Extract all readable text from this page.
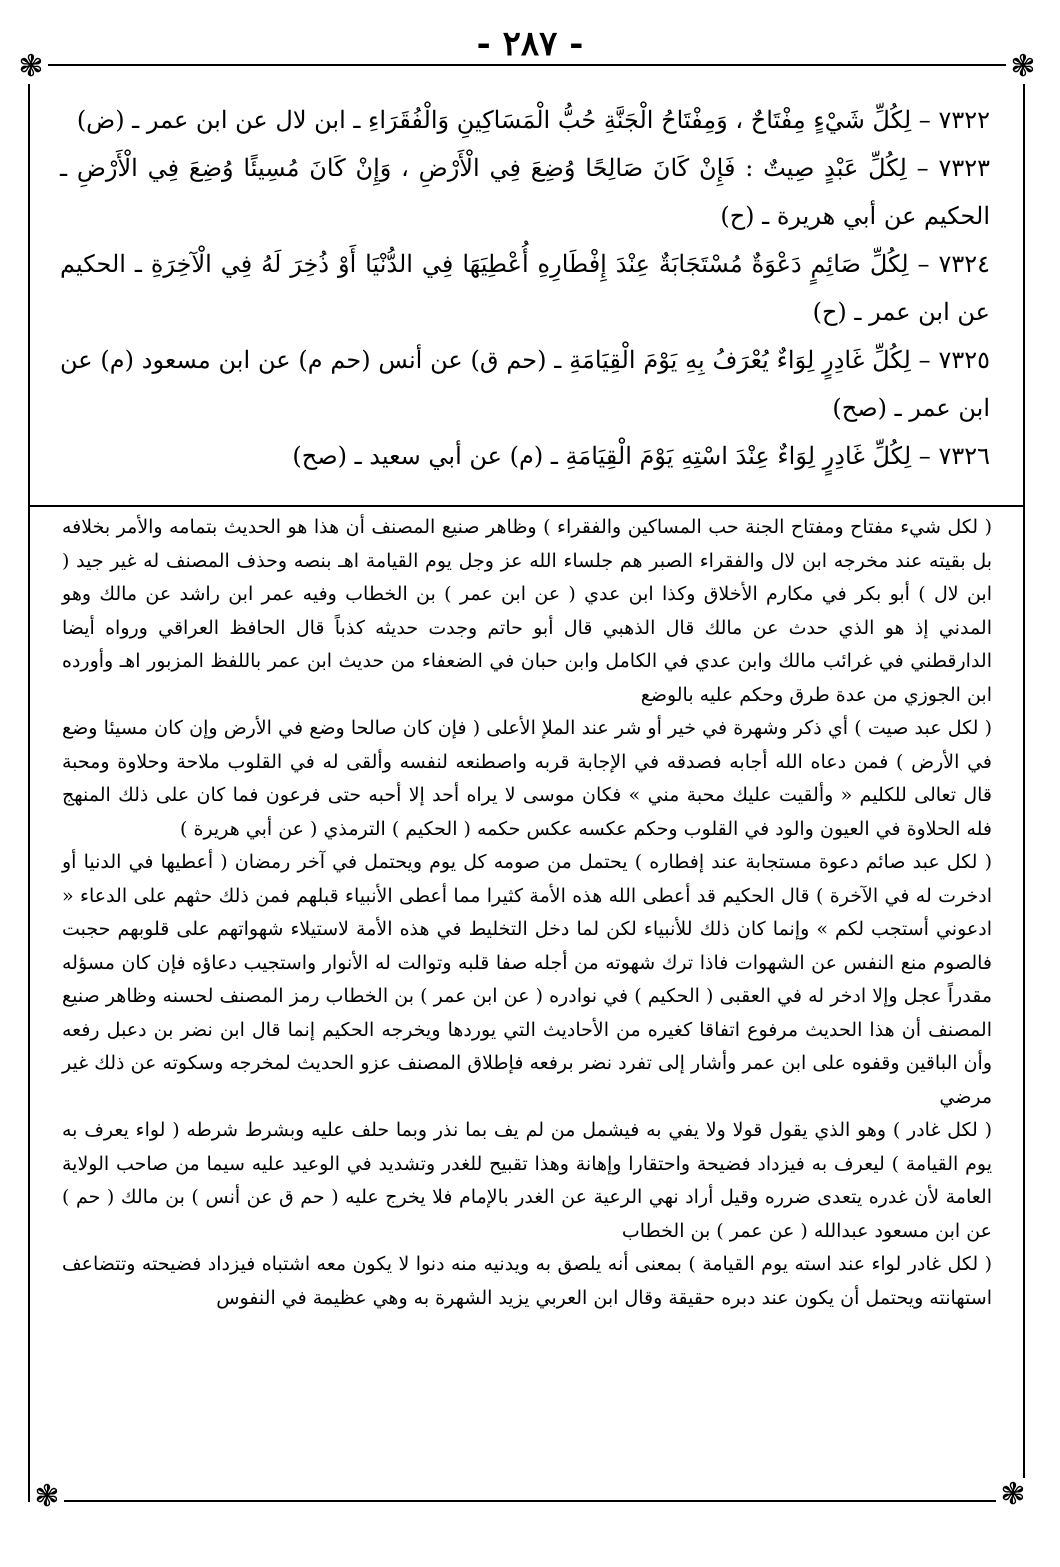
- ٢٨٧ -
❃	❃
❃	❃

٧٣٢٢ – لِكُلِّ شَيْءٍ مِفْتَاحٌ ، وَمِفْتَاحُ الْجَنَّةِ حُبُّ الْمَسَاكِينِ وَالْفُقَرَاءِ ـ ابن لال عن ابن عمر ـ (ض)

٧٣٢٣ – لِكُلِّ عَبْدٍ صِيتٌ : فَإِنْ كَانَ صَالِحًا وُضِعَ فِي الْأَرْضِ ، وَإِنْ كَانَ مُسِيئًا وُضِعَ فِي الْأَرْضِ ـ الحكيم عن أبي هريرة ـ (ح)

٧٣٢٤ – لِكُلِّ صَائِمٍ دَعْوَةٌ مُسْتَجَابَةٌ عِنْدَ إِفْطَارِهِ أُعْطِيَهَا فِي الدُّنْيَا أَوْ ذُخِرَ لَهُ فِي الْآخِرَةِ ـ الحكيم عن ابن عمر ـ (ح)

٧٣٢٥ – لِكُلِّ غَادِرٍ لِوَاءٌ يُعْرَفُ بِهِ يَوْمَ الْقِيَامَةِ ـ (حم ق) عن أنس (حم م) عن ابن مسعود (م) عن ابن عمر ـ (صح)

٧٣٢٦ – لِكُلِّ غَادِرٍ لِوَاءٌ عِنْدَ اسْتِهِ يَوْمَ الْقِيَامَةِ ـ (م) عن أبي سعيد ـ (صح)

( لكل شيء مفتاح ومفتاح الجنة حب المساكين والفقراء ) وظاهر صنيع المصنف أن هذا هو الحديث بتمامه والأمر بخلافه بل بقيته عند مخرجه ابن لال والفقراء الصبر هم جلساء الله عز وجل يوم القيامة اهـ بنصه وحذف المصنف له غير جيد ( ابن لال ) أبو بكر في مكارم الأخلاق وكذا ابن عدي ( عن ابن عمر ) بن الخطاب وفيه عمر ابن راشد عن مالك وهو المدني إذ هو الذي حدث عن مالك قال الذهبي قال أبو حاتم وجدت حديثه كذباً قال الحافظ العراقي ورواه أيضا الدارقطني في غرائب مالك وابن عدي في الكامل وابن حبان في الضعفاء من حديث ابن عمر باللفظ المزبور اهـ وأورده ابن الجوزي من عدة طرق وحكم عليه بالوضع

( لكل عبد صيت ) أي ذكر وشهرة في خير أو شر عند الملإ الأعلى ( فإن كان صالحا وضع في الأرض وإن كان مسيئا وضع في الأرض ) فمن دعاه الله أجابه فصدقه في الإجابة قربه واصطنعه لنفسه وألقى له في القلوب ملاحة وحلاوة ومحبة قال تعالى للكليم « وألقيت عليك محبة مني » فكان موسى لا يراه أحد إلا أحبه حتى فرعون فما كان على ذلك المنهج فله الحلاوة في العيون والود في القلوب وحكم عكسه عكس حكمه ( الحكيم ) الترمذي ( عن أبي هريرة )

( لكل عبد صائم دعوة مستجابة عند إفطاره ) يحتمل من صومه كل يوم ويحتمل في آخر رمضان ( أعطيها في الدنيا أو ادخرت له في الآخرة ) قال الحكيم قد أعطى الله هذه الأمة كثيرا مما أعطى الأنبياء قبلهم فمن ذلك حثهم على الدعاء « ادعوني أستجب لكم » وإنما كان ذلك للأنبياء لكن لما دخل التخليط في هذه الأمة لاستيلاء شهواتهم على قلوبهم حجبت فالصوم منع النفس عن الشهوات فاذا ترك شهوته من أجله صفا قلبه وتوالت له الأنوار واستجيب دعاؤه فإن كان مسؤله مقدراً عجل وإلا ادخر له في العقبى ( الحكيم ) في نوادره ( عن ابن عمر ) بن الخطاب رمز المصنف لحسنه وظاهر صنيع المصنف أن هذا الحديث مرفوع اتفاقا كغيره من الأحاديث التي يوردها ويخرجه الحكيم إنما قال ابن نضر بن دعبل رفعه وأن الباقين وقفوه على ابن عمر وأشار إلى تفرد نضر برفعه فإطلاق المصنف عزو الحديث لمخرجه وسكوته عن ذلك غير مرضي

( لكل غادر ) وهو الذي يقول قولا ولا يفي به فيشمل من لم يف بما نذر وبما حلف عليه وبشرط شرطه ( لواء يعرف به يوم القيامة ) ليعرف به فيزداد فضيحة واحتقارا وإهانة وهذا تقبيح للغدر وتشديد في الوعيد عليه سيما من صاحب الولاية العامة لأن غدره يتعدى ضرره وقيل أراد نهي الرعية عن الغدر بالإمام فلا يخرج عليه ( حم ق عن أنس ) بن مالك ( حم ) عن ابن مسعود عبدالله ( عن عمر ) بن الخطاب

( لكل غادر لواء عند استه يوم القيامة ) بمعنى أنه يلصق به ويدنيه منه دنوا لا يكون معه اشتباه فيزداد فضيحته وتتضاعف استهانته ويحتمل أن يكون عند دبره حقيقة وقال ابن العربي يزيد الشهرة به وهي عظيمة في النفوس
